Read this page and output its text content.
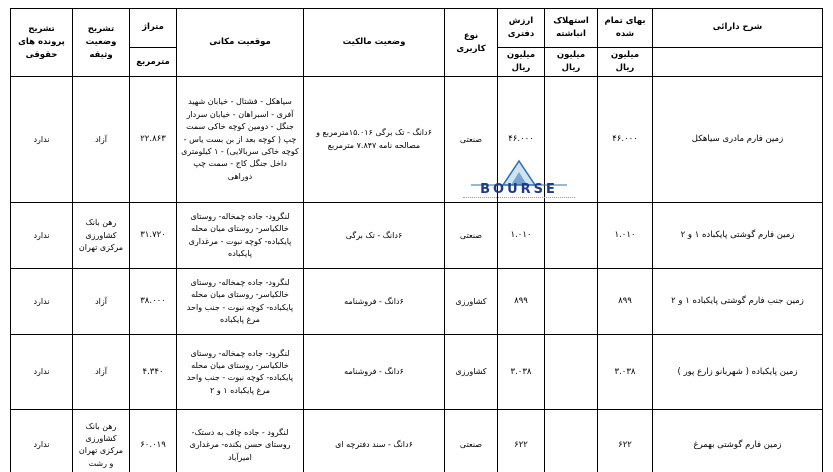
شرح دارائی	بهای تمام شده	استهلاک انباشته	ارزش دفتری	نوع کاربری	وضعیت مالکیت	موقعیت مکانی	متراژ	تشریح وضعیت وثیقه	تشریح پرونده های حقوقی
	میلیون ریال	میلیون ریال	میلیون ریال				مترمربع		
زمین فارم مادری سیاهکل	۴۶.۰۰۰		۴۶.۰۰۰	صنعتی	۶دانگ - تک برگی ۱۵.۰۱۶مترمربع و مصالحه نامه ۷.۸۴۷ مترمربع	سیاهکل - فشتال - خیابان شهید آفری - اسبراهان - خیابان سردار جنگل - دومین کوچه خاکی سمت چپ ( کوچه بعد از بن بست یاس - کوچه خاکی سربالایی) - ۱ کیلومتری داخل جنگل کاج - سمت چپ دوراهی	۲۲.۸۶۳	آزاد	ندارد
زمین فارم گوشتی پایکباده ۱ و ۲	۱.۰۱۰		۱.۰۱۰	صنعتی	۶دانگ - تک برگی	لنگرود- جاده چمخاله- روستای خالکیاسر- روستای میان محله پایکباده- کوچه نبوت - مرغداری پایکباده	۳۱.۷۲۰	رهن بانک کشاورزی مرکزی تهران	ندارد
زمین جنب فارم گوشتی پایکباده ۱ و ۲	۸۹۹		۸۹۹	کشاورزی	۶دانگ - فروشنامه	لنگرود- جاده چمخاله- روستای خالکیاسر- روستای میان محله پایکباده- کوچه نبوت - جنب واحد مرغ پایکباده	۳۸.۰۰۰	آزاد	ندارد
زمین پایکباده ( شهربانو زارع پور )	۳.۰۳۸		۳.۰۳۸	کشاورزی	۶دانگ - فروشنامه	لنگرود- جاده چمخاله- روستای خالکیاسر- روستای میان محله پایکباده- کوچه نبوت - جنب واحد مرغ پایکباده ۱ و ۲	۴.۳۴۰	آزاد	ندارد
زمین فارم گوشتی بهمرغ	۶۲۲		۶۲۲	صنعتی	۶دانگ - سند دفترچه ای	لنگرود - جاده چاف به دستک- روستای حسن بکنده- مرغداری امیرآباد	۶۰.۰۱۹	رهن بانک کشاورزی مرکزی تهران و رشت	ندارد
BOURSE
